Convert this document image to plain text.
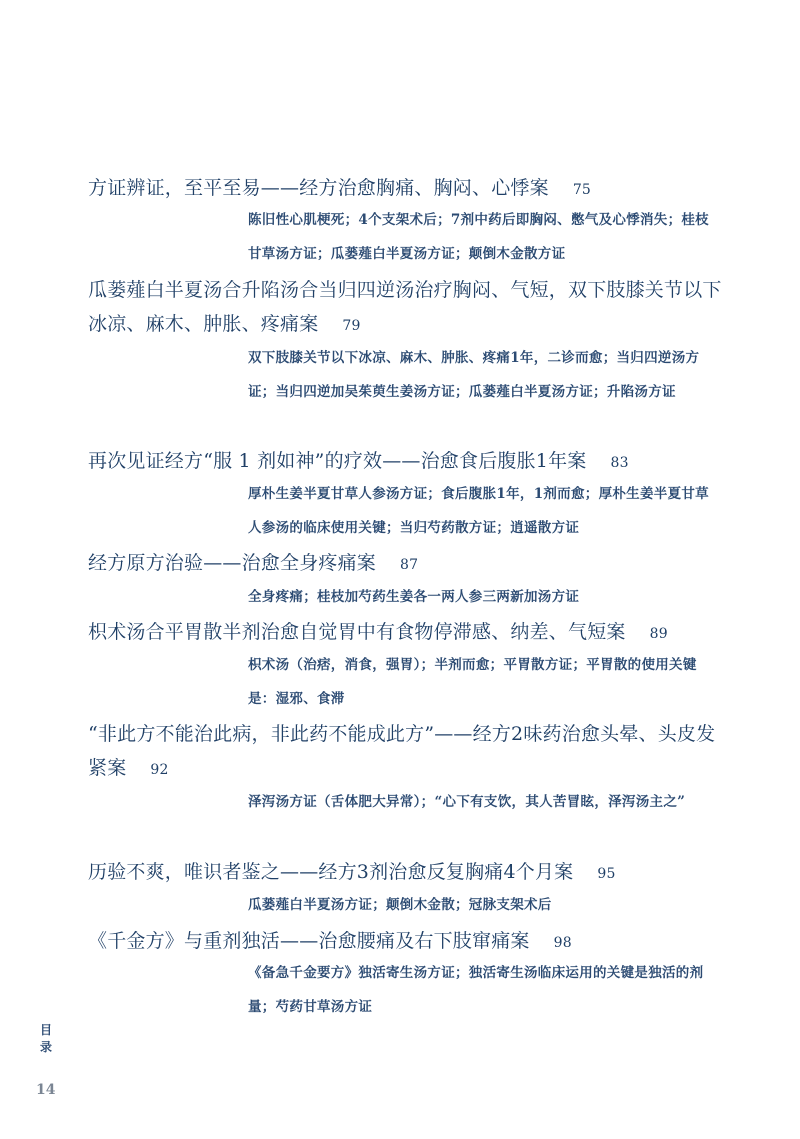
方证辨证，至平至易——经方治愈胸痛、胸闷、心悸案 75
陈旧性心肌梗死；4个支架术后；7剂中药后即胸闷、憋气及心悸消失；桂枝甘草汤方证；瓜蒌薤白半夏汤方证；颠倒木金散方证
瓜蒌薤白半夏汤合升陷汤合当归四逆汤治疗胸闷、气短，双下肢膝关节以下冰凉、麻木、肿胀、疼痛案 79
双下肢膝关节以下冰凉、麻木、肿胀、疼痛1年，二诊而愈；当归四逆汤方证；当归四逆加吴茱萸生姜汤方证；瓜蒌薤白半夏汤方证；升陷汤方证
再次见证经方“服 1 剂如神”的疗效——治愈食后腹胀1年案 83
厚朴生姜半夏甘草人参汤方证；食后腹胀1年，1剂而愈；厚朴生姜半夏甘草人参汤的临床使用关键；当归芍药散方证；逍遥散方证
经方原方治验——治愈全身疼痛案 87
全身疼痛；桂枝加芍药生姜各一两人参三两新加汤方证
枳术汤合平胃散半剂治愈自觉胃中有食物停滞感、纳差、气短案 89
枳术汤（治痞，消食，强胃）；半剂而愈；平胃散方证；平胃散的使用关键是：湿邪、食滞
“非此方不能治此病，非此药不能成此方”——经方2味药治愈头晕、头皮发紧案 92
泽泻汤方证（舌体肥大异常）；“心下有支饮，其人苦冒眩，泽泻汤主之”
历验不爽，唯识者鉴之——经方3剂治愈反复胸痛4个月案 95
瓜蒌薤白半夏汤方证；颠倒木金散；冠脉支架术后
《千金方》与重剂独活——治愈腰痛及右下肢窜痛案 98
《备急千金要方》独活寄生汤方证；独活寄生汤临床运用的关键是独活的剂量；芍药甘草汤方证
目录
14
